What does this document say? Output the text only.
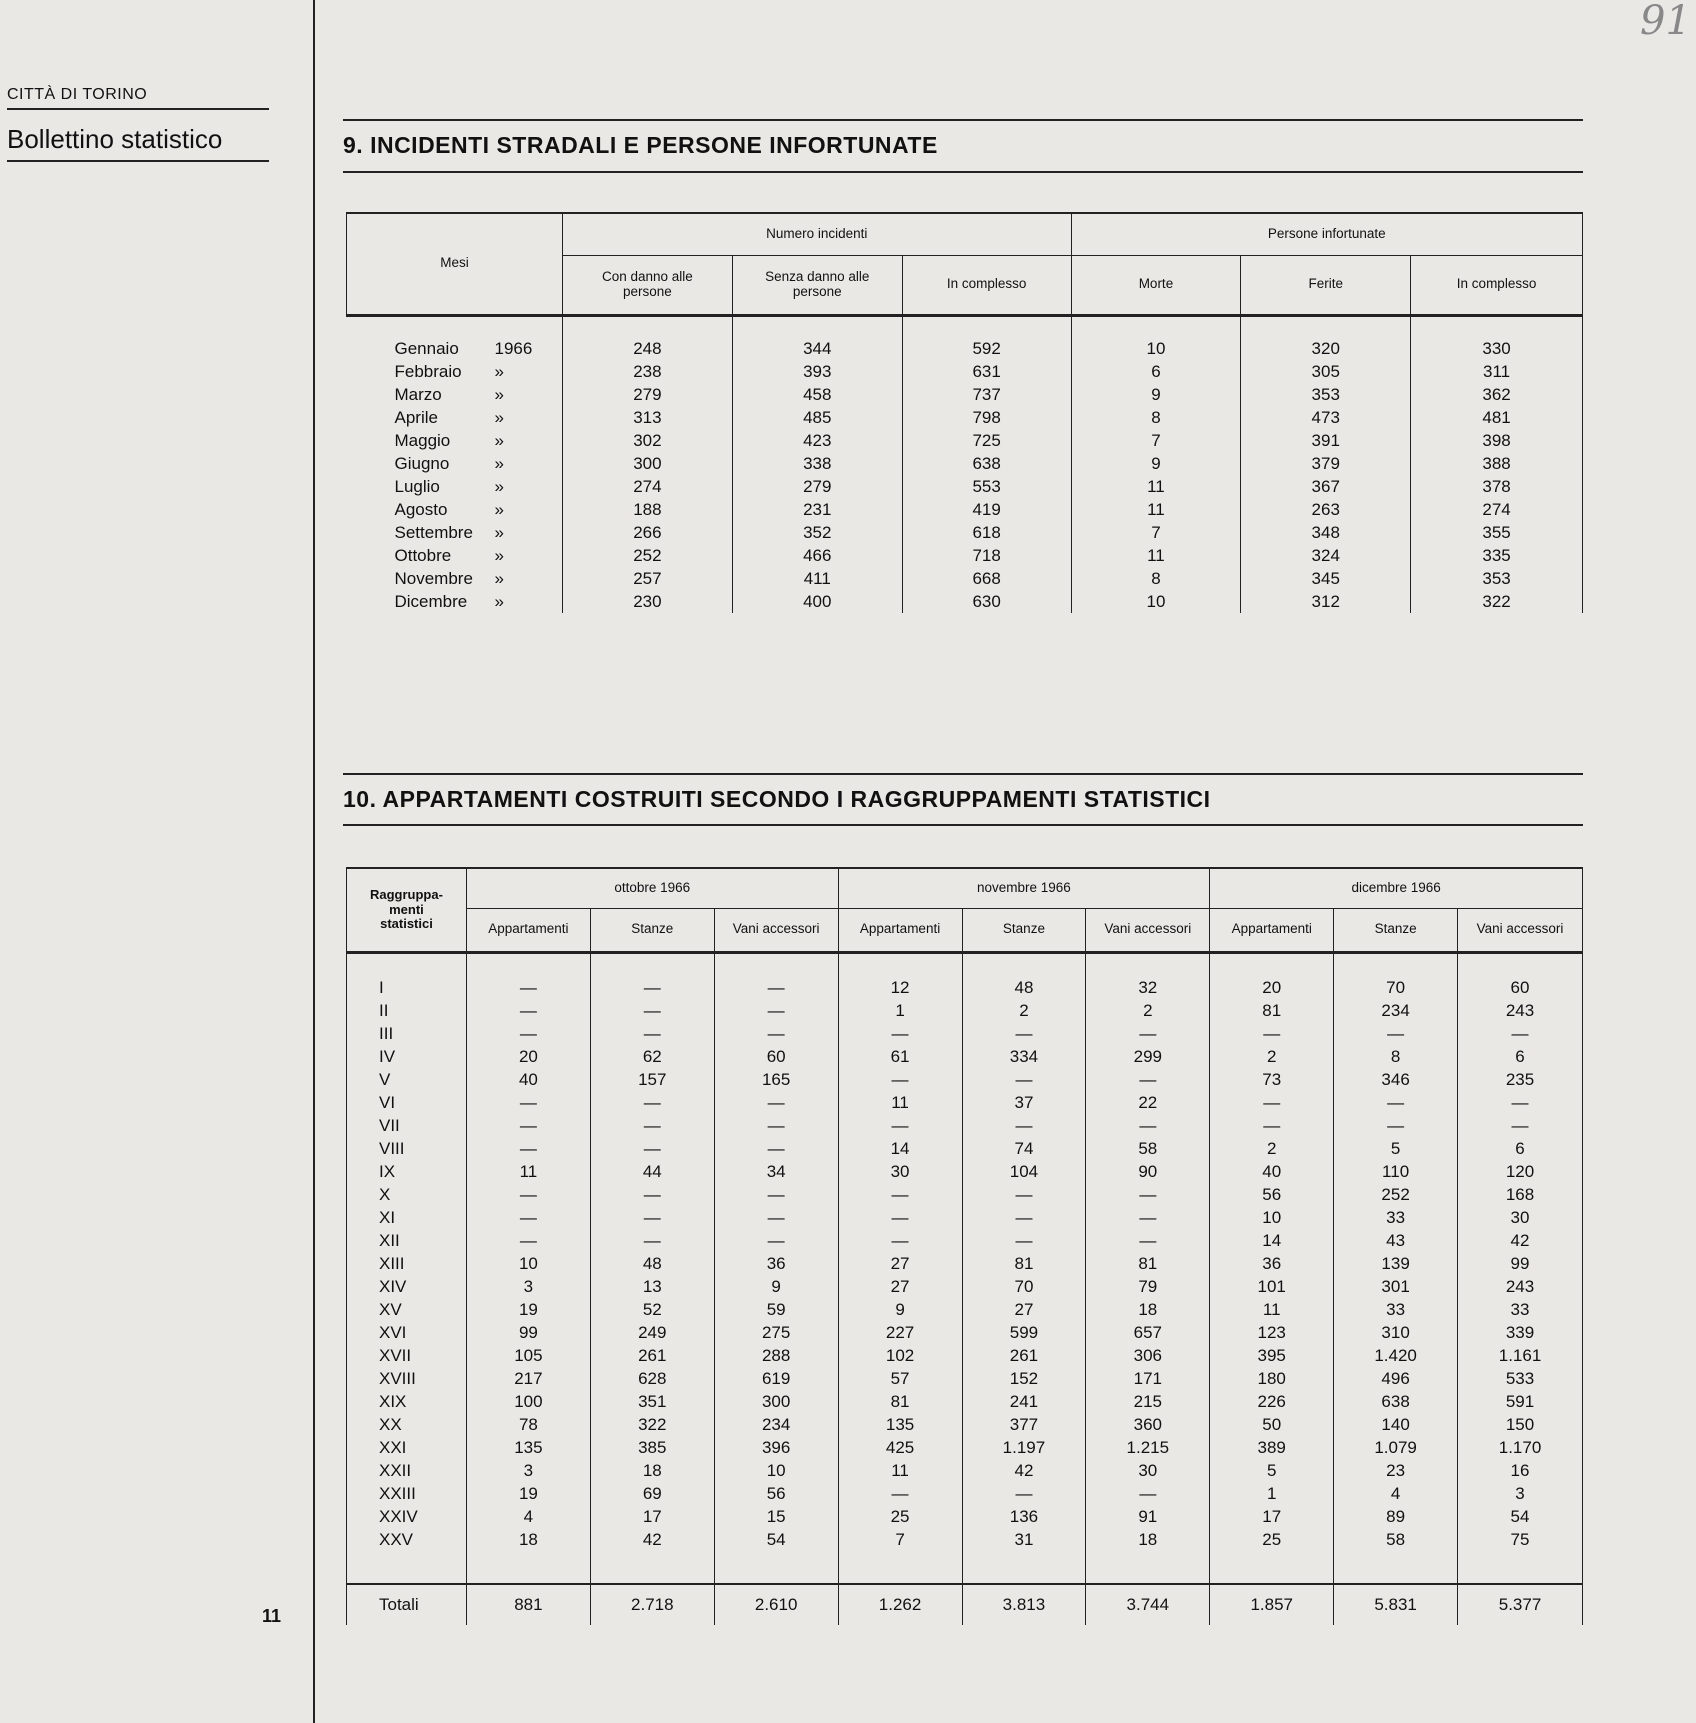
CITTÀ DI TORINO
Bollettino statistico
11
91
9. INCIDENTI STRADALI E PERSONE INFORTUNATE
Mesi	Numero incidenti			Persone infortunate		
	Con danno alle persone	Senza danno alle persone	In complesso	Morte	Ferite	In complesso

Gennaio 1966	248	344	592	10	320	330
Febbraio »	238	393	631	6	305	311
Marzo »	279	458	737	9	353	362
Aprile »	313	485	798	8	473	481
Maggio »	302	423	725	7	391	398
Giugno »	300	338	638	9	379	388
Luglio »	274	279	553	11	367	378
Agosto »	188	231	419	11	263	274
Settembre »	266	352	618	7	348	355
Ottobre »	252	466	718	11	324	335
Novembre »	257	411	668	8	345	353
Dicembre »	230	400	630	10	312	322
10. APPARTAMENTI COSTRUITI SECONDO I RAGGRUPPAMENTI STATISTICI
Raggruppa-menti statistici	ottobre 1966			novembre 1966			dicembre 1966		
	Appartamenti	Stanze	Vani accessori	Appartamenti	Stanze	Vani accessori	Appartamenti	Stanze	Vani accessori

I	—	—	—	12	48	32	20	70	60
II	—	—	—	1	2	2	81	234	243
III	—	—	—	—	—	—	—	—	—
IV	20	62	60	61	334	299	2	8	6
V	40	157	165	—	—	—	73	346	235
VI	—	—	—	11	37	22	—	—	—
VII	—	—	—	—	—	—	—	—	—
VIII	—	—	—	14	74	58	2	5	6
IX	11	44	34	30	104	90	40	110	120
X	—	—	—	—	—	—	56	252	168
XI	—	—	—	—	—	—	10	33	30
XII	—	—	—	—	—	—	14	43	42
XIII	10	48	36	27	81	81	36	139	99
XIV	3	13	9	27	70	79	101	301	243
XV	19	52	59	9	27	18	11	33	33
XVI	99	249	275	227	599	657	123	310	339
XVII	105	261	288	102	261	306	395	1.420	1.161
XVIII	217	628	619	57	152	171	180	496	533
XIX	100	351	300	81	241	215	226	638	591
XX	78	322	234	135	377	360	50	140	150
XXI	135	385	396	425	1.197	1.215	389	1.079	1.170
XXII	3	18	10	11	42	30	5	23	16
XXIII	19	69	56	—	—	—	1	4	3
XXIV	4	17	15	25	136	91	17	89	54
XXV	18	42	54	7	31	18	25	58	75

Totali	881	2.718	2.610	1.262	3.813	3.744	1.857	5.831	5.377
